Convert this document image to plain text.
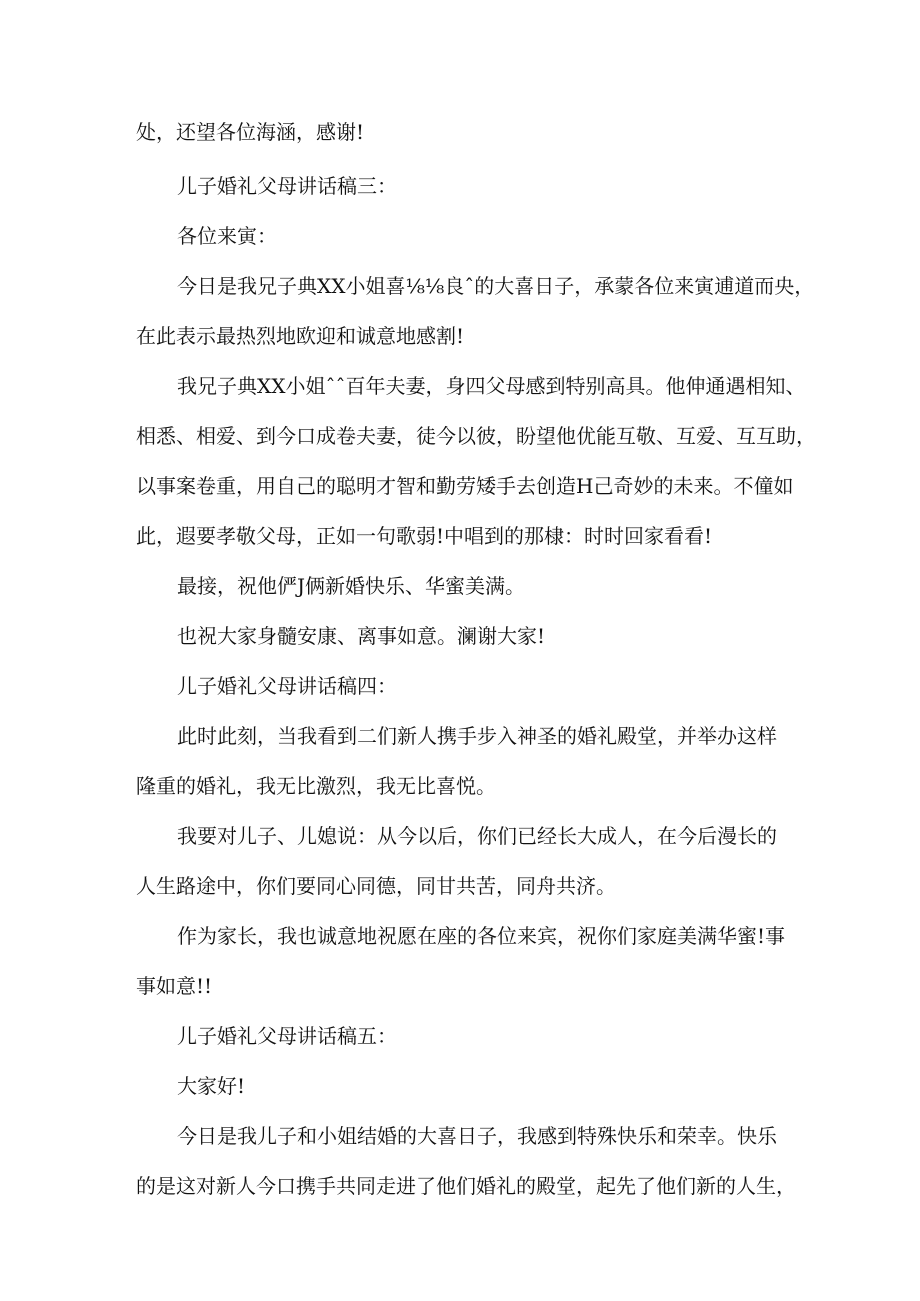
处，还望各位海涵，感谢!

儿子婚礼父母讲话稿三：

各位来寅：

今日是我兄子典XX小姐喜⅛⅛良ˆ的大喜日子，承蒙各位来寅逋道而央，

在此表示最热烈地欧迎和诚意地感割!

我兄子典XX小姐ˆˆ百年夫妻，身四父母感到特别高具。他伸通遇相知、

相悉、相爱、到今口成卷夫妻，徒今以彼，盼望他优能互敬、互爱、互互助，

以事案卷重，用自己的聪明才智和勤劳矮手去创造H己奇妙的未来。不僮如

此，遐要孝敬父母，正如一句歌弱!中唱到的那棣：时时回家看看!

最接，祝他俨J俩新婚快乐、华蜜美满。

也祝大家身髓安康、离事如意。澜谢大家!

儿子婚礼父母讲话稿四：

此时此刻，当我看到二们新人携手步入神圣的婚礼殿堂，并举办这样

隆重的婚礼，我无比激烈，我无比喜悦。

我要对儿子、儿媳说：从今以后，你们已经长大成人，在今后漫长的

人生路途中，你们要同心同德，同甘共苦，同舟共济。

作为家长，我也诚意地祝愿在座的各位来宾，祝你们家庭美满华蜜!事

事如意!!

儿子婚礼父母讲话稿五：

大家好!

今日是我儿子和小姐结婚的大喜日子，我感到特殊快乐和荣幸。快乐

的是这对新人今口携手共同走进了他们婚礼的殿堂，起先了他们新的人生，
